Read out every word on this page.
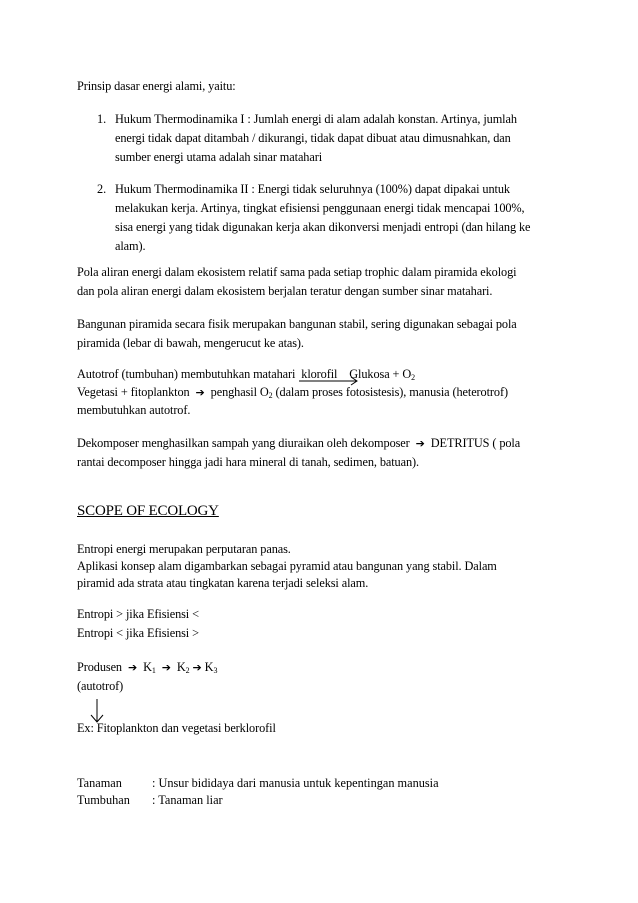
Prinsip dasar energi alami, yaitu:
1. Hukum Thermodinamika I : Jumlah energi di alam adalah konstan. Artinya, jumlah
energi tidak dapat ditambah / dikurangi, tidak dapat dibuat atau dimusnahkan, dan
sumber energi utama adalah sinar matahari
2. Hukum Thermodinamika II : Energi tidak seluruhnya (100%) dapat dipakai untuk
melakukan kerja. Artinya, tingkat efisiensi penggunaan energi tidak mencapai 100%,
sisa energi yang tidak digunakan kerja akan dikonversi menjadi entropi (dan hilang ke
alam).
Pola aliran energi dalam ekosistem relatif sama pada setiap trophic dalam piramida ekologi
dan pola aliran energi dalam ekosistem berjalan teratur dengan sumber sinar matahari.
Bangunan piramida secara fisik merupakan bangunan stabil, sering digunakan sebagai pola
piramida (lebar di bawah, mengerucut ke atas).
Autotrof (tumbuhan) membutuhkan matahari klorofil Glukosa + $O_2$
Vegetasi + fitoplankton ➔ penghasil $O_2$ (dalam proses fotosistesis), manusia (heterotrof)
membutuhkan autotrof.
Dekomposer menghasilkan sampah yang diuraikan oleh dekomposer ➔ DETRITUS ( pola
rantai decomposer hingga jadi hara mineral di tanah, sedimen, batuan).
SCOPE OF ECOLOGY
Entropi energi merupakan perputaran panas.
Aplikasi konsep alam digambarkan sebagai pyramid atau bangunan yang stabil. Dalam
piramid ada strata atau tingkatan karena terjadi seleksi alam.
Entropi > jika Efisiensi <
Entropi < jika Efisiensi >
Produsen ➔ $K_1$ ➔ $K_2$ ➔ $K_3$
(autotrof)
Ex: Fitoplankton dan vegetasi berklorofil
Tanaman : Unsur bididaya dari manusia untuk kepentingan manusia
Tumbuhan : Tanaman liar
